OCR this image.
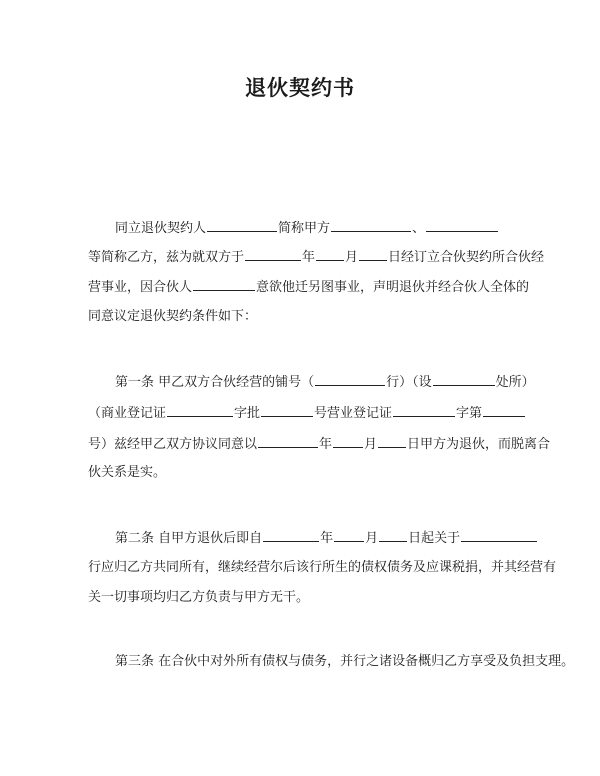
退伙契约书
同立退伙契约人	简称甲方	、
等简称乙方，兹为就双方于	年 月 日经订立合伙契约所合伙经
营事业，因合伙人	意欲他迁另图事业，声明退伙并经合伙人全体的
同意议定退伙契约条件如下：
第一条 甲乙双方合伙经营的铺号（	行）（设	处所）
（商业登记证	字批	号营业登记证	字第
号）兹经甲乙双方协议同意以	年 月 日甲方为退伙，而脱离合
伙关系是实。
第二条 自甲方退伙后即自	年 月 日起关于
行应归乙方共同所有，继续经营尔后该行所生的债权债务及应课税捐，并其经营有
关一切事项均归乙方负责与甲方无干。
第三条 在合伙中对外所有债权与债务，并行之诸设备概归乙方享受及负担支理。
